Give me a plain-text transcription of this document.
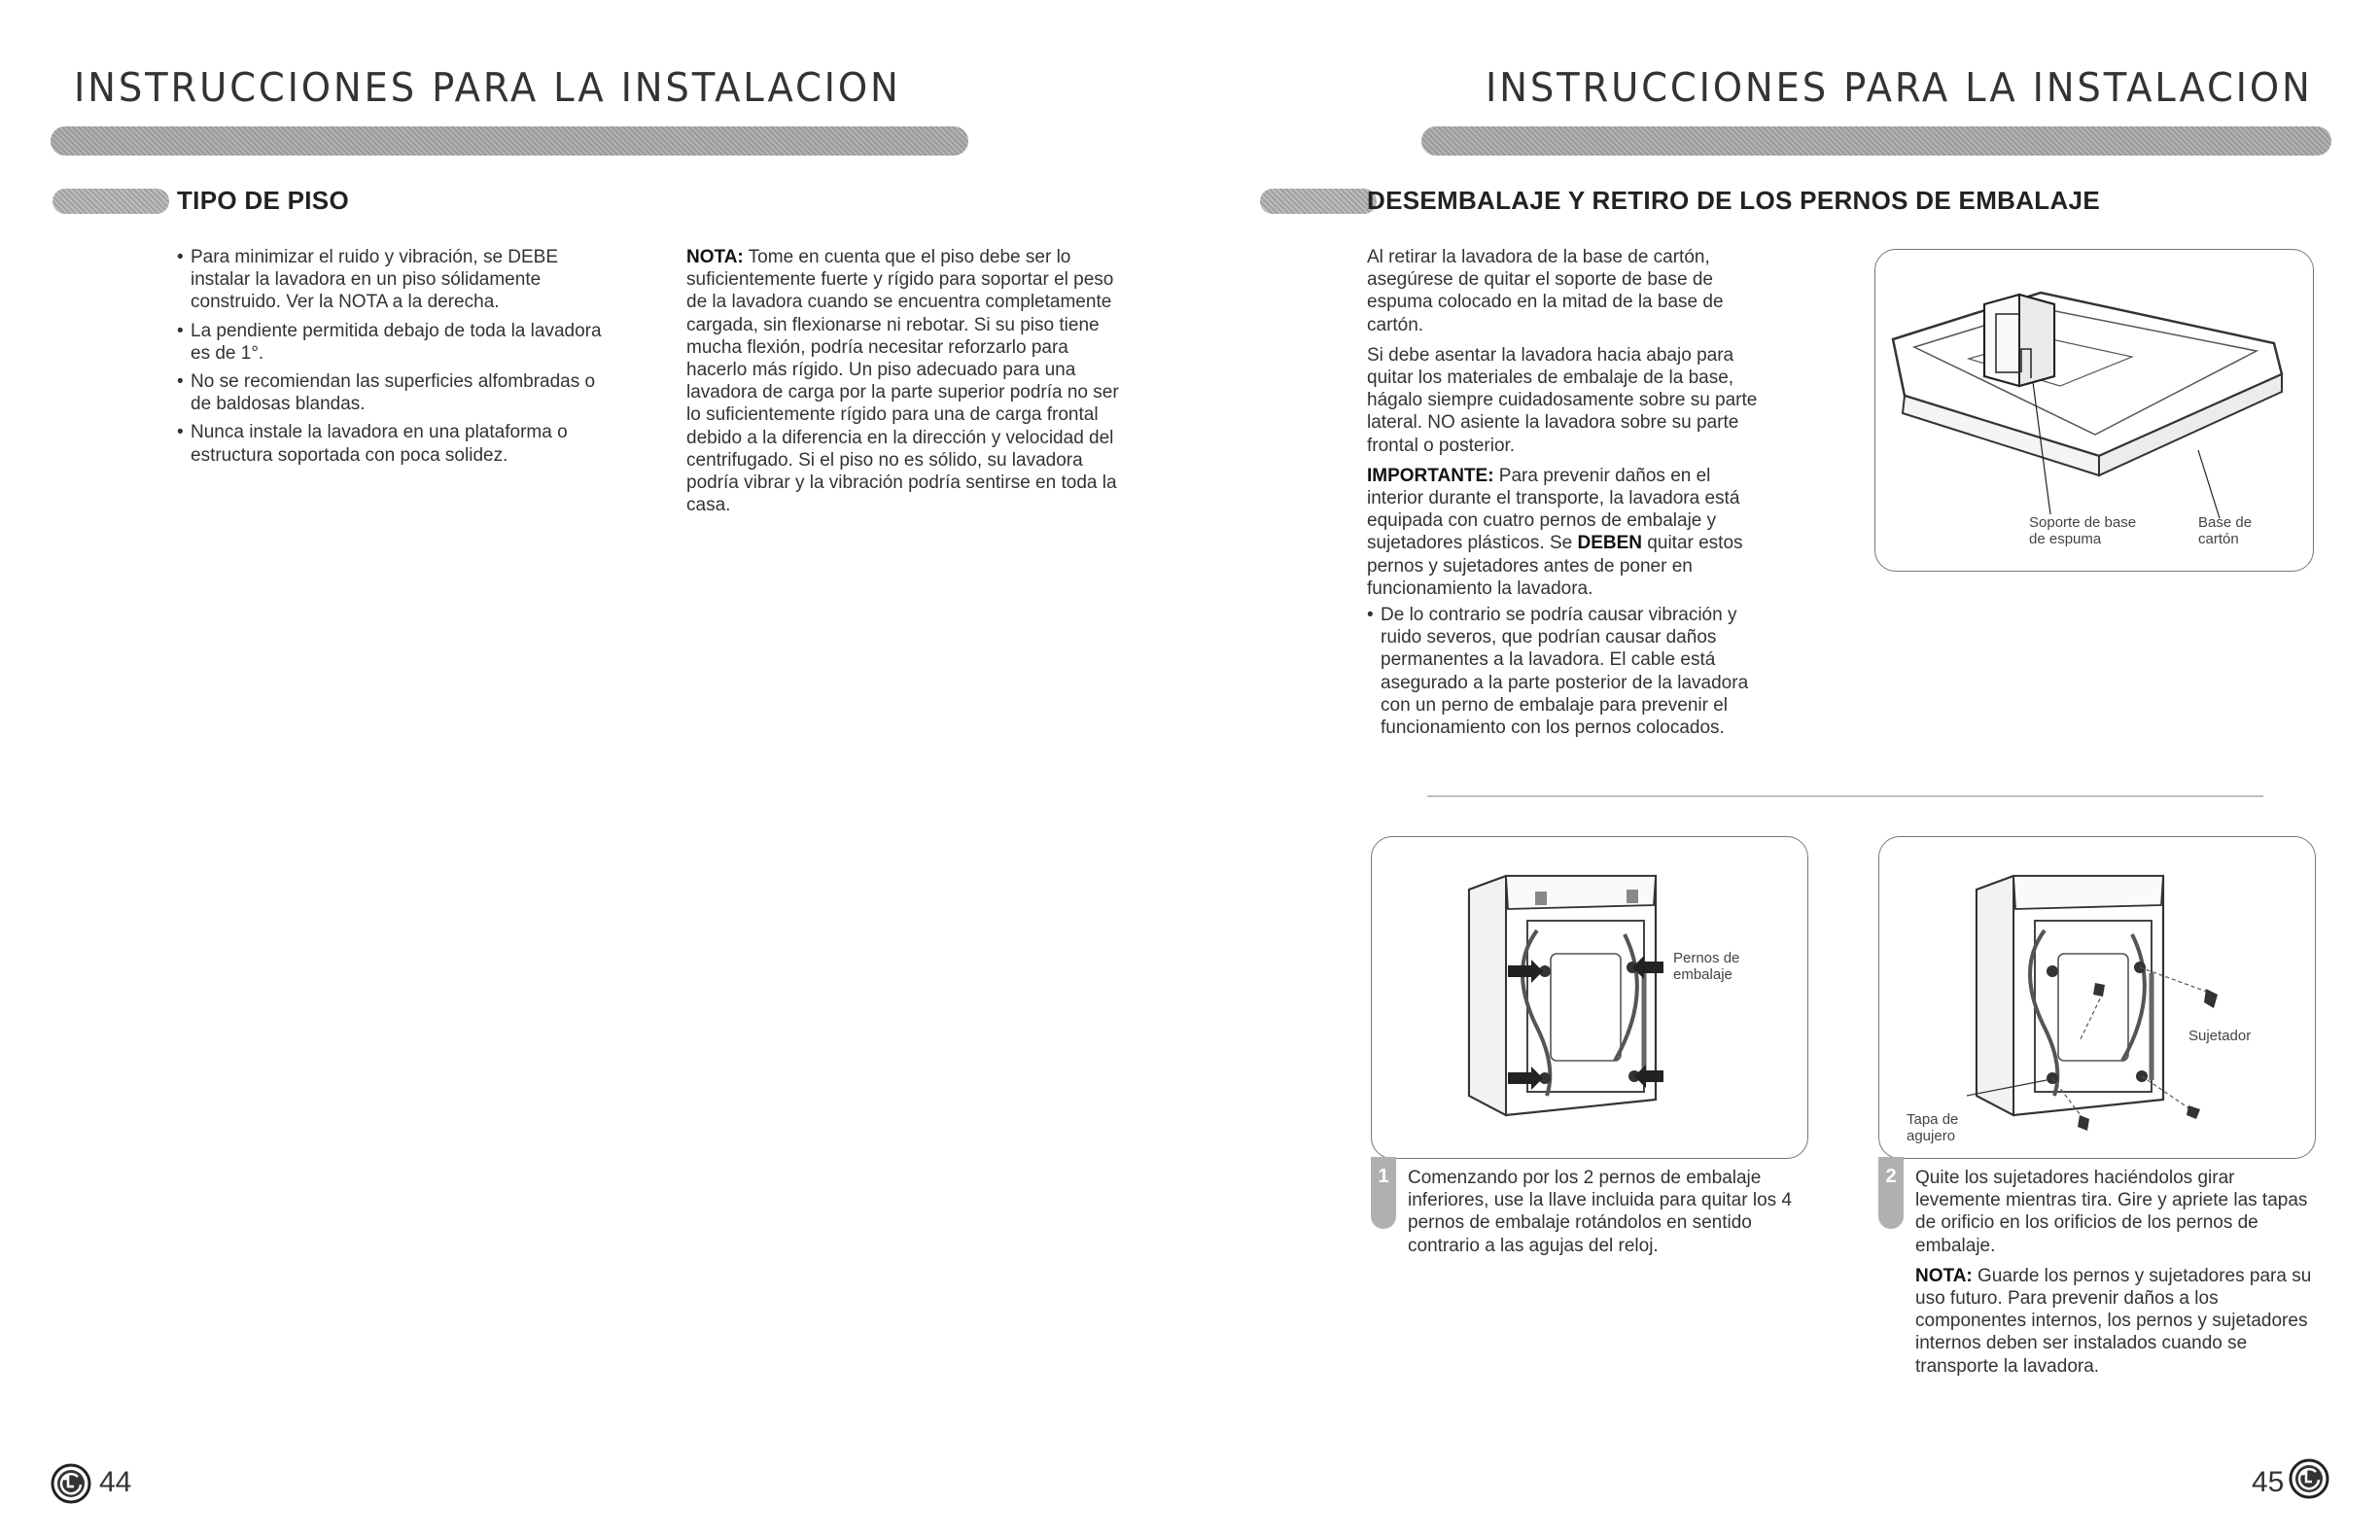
INSTRUCCIONES PARA LA INSTALACION
TIPO DE PISO
• Para minimizar el ruido y vibración, se DEBE instalar la lavadora en un piso sólidamente construido. Ver la NOTA a la derecha.
• La pendiente permitida debajo de toda la lavadora es de 1°.
• No se recomiendan las superficies alfombradas o de baldosas blandas.
• Nunca instale la lavadora en una plataforma o estructura soportada con poca solidez.
NOTA: Tome en cuenta que el piso debe ser lo suficientemente fuerte y rígido para soportar el peso de la lavadora cuando se encuentra completamente cargada, sin flexionarse ni rebotar. Si su piso tiene mucha flexión, podría necesitar reforzarlo para hacerlo más rígido. Un piso adecuado para una lavadora de carga por la parte superior podría no ser lo suficientemente rígido para una de carga frontal debido a la diferencia en la dirección y velocidad del centrifugado. Si el piso no es sólido, su lavadora podría vibrar y la vibración podría sentirse en toda la casa.
44
INSTRUCCIONES PARA LA INSTALACION
DESEMBALAJE Y RETIRO DE LOS PERNOS DE EMBALAJE

Al retirar la lavadora de la base de cartón, asegúrese de quitar el soporte de base de espuma colocado en la mitad de la base de cartón.

Si debe asentar la lavadora hacia abajo para quitar los materiales de embalaje de la base, hágalo siempre cuidadosamente sobre su parte lateral. NO asiente la lavadora sobre su parte frontal o posterior.

IMPORTANTE: Para prevenir daños en el interior durante el transporte, la lavadora está equipada con cuatro pernos de embalaje y sujetadores plásticos. Se DEBEN quitar estos pernos y sujetadores antes de poner en funcionamiento la lavadora.

• De lo contrario se podría causar vibración y ruido severos, que podrían causar daños permanentes a la lavadora. El cable está asegurado a la parte posterior de la lavadora con un perno de embalaje para prevenir el funcionamiento con los pernos colocados.
Soporte de base de espuma
Base de cartón
Pernos de embalaje
1	Comenzando por los 2 pernos de embalaje inferiores, use la llave incluida para quitar los 4 pernos de embalaje rotándolos en sentido contrario a las agujas del reloj.
Sujetador
Tapa de agujero
2	Quite los sujetadores haciéndolos girar levemente mientras tira. Gire y apriete las tapas de orificio en los orificios de los pernos de embalaje.

NOTA: Guarde los pernos y sujetadores para su uso futuro. Para prevenir daños a los componentes internos, los pernos y sujetadores internos deben ser instalados cuando se transporte la lavadora.

45
